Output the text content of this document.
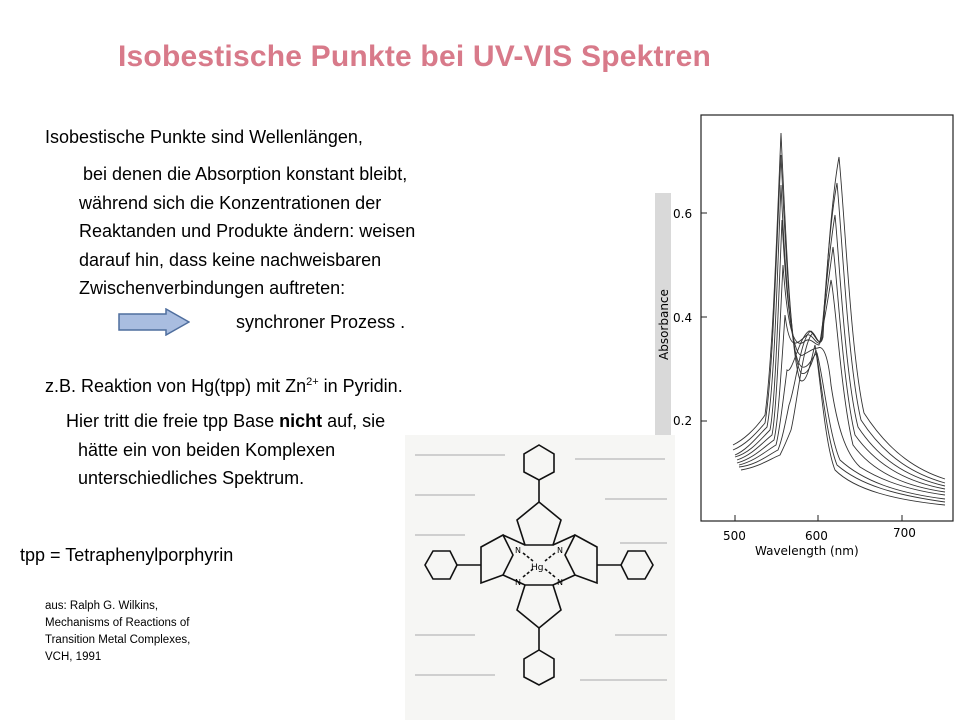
Isobestische Punkte bei UV-VIS Spektren
Isobestische Punkte sind Wellenlängen,
bei denen die Absorption konstant bleibt,
während sich die Konzentrationen der
Reaktanden und Produkte ändern: weisen
darauf hin, dass keine nachweisbaren
Zwischenverbindungen auftreten:
synchroner Prozess .
z.B. Reaktion von Hg(tpp) mit $Zn^{2+}$ in Pyridin.
Hier tritt die freie tpp Base nicht auf, sie
hätte ein von beiden Komplexen
unterschiedliches Spektrum.
tpp = Tetraphenylporphyrin
aus: Ralph G. Wilkins,
Mechanisms of Reactions of
Transition Metal Complexes,
VCH, 1991
0.6
0.4
0.2
500	600	700
Wavelength (nm)
Absorbance
Hg
N	N
N	N
